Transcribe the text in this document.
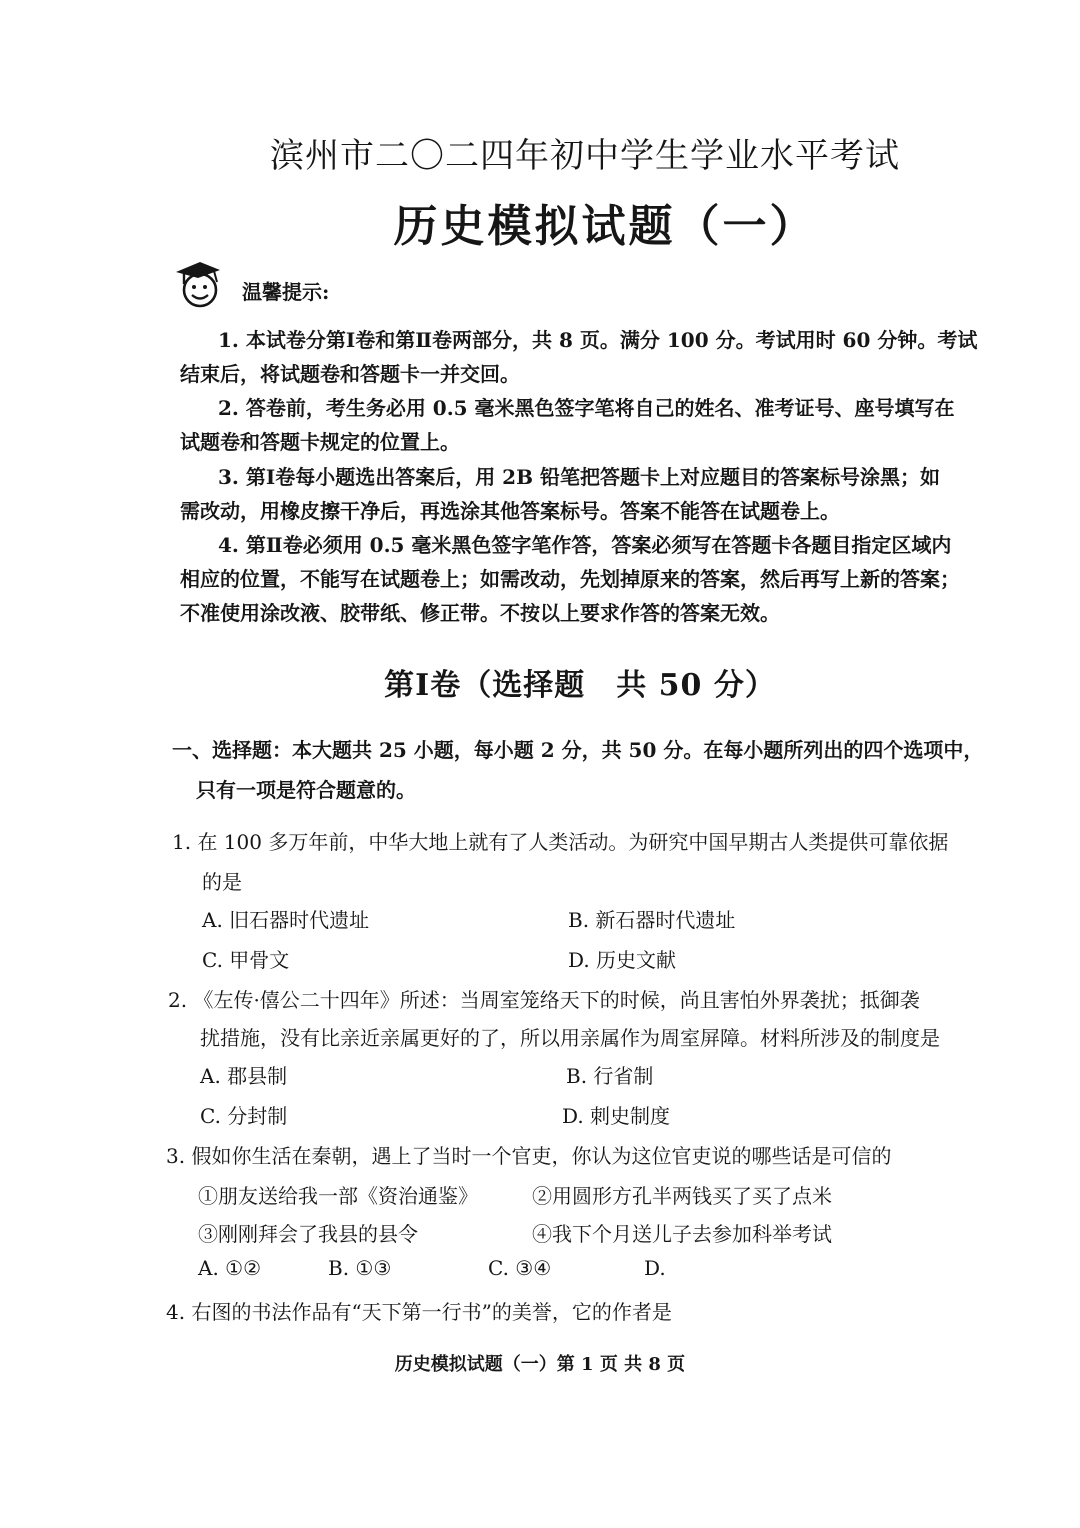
滨州市二〇二四年初中学生学业水平考试
历史模拟试题（一）
温馨提示:
1. 本试卷分第Ⅰ卷和第Ⅱ卷两部分，共 8 页。满分 100 分。考试用时 60 分钟。考试
结束后，将试题卷和答题卡一并交回。
2. 答卷前，考生务必用 0.5 毫米黑色签字笔将自己的姓名、准考证号、座号填写在
试题卷和答题卡规定的位置上。
3. 第Ⅰ卷每小题选出答案后，用 2B 铅笔把答题卡上对应题目的答案标号涂黑；如
需改动，用橡皮擦干净后，再选涂其他答案标号。答案不能答在试题卷上。
4. 第Ⅱ卷必须用 0.5 毫米黑色签字笔作答，答案必须写在答题卡各题目指定区域内
相应的位置，不能写在试题卷上；如需改动，先划掉原来的答案，然后再写上新的答案；
不准使用涂改液、胶带纸、修正带。不按以上要求作答的答案无效。
第Ⅰ卷（选择题　共 50 分）
一、选择题：本大题共 25 小题，每小题 2 分，共 50 分。在每小题所列出的四个选项中，
只有一项是符合题意的。
1. 在 100 多万年前，中华大地上就有了人类活动。为研究中国早期古人类提供可靠依据
的是
A. 旧石器时代遗址	B. 新石器时代遗址
C. 甲骨文	D. 历史文献
2. 《左传·僖公二十四年》所述：当周室笼络天下的时候，尚且害怕外界袭扰；抵御袭
扰措施，没有比亲近亲属更好的了，所以用亲属作为周室屏障。材料所涉及的制度是
A. 郡县制	B. 行省制
C. 分封制	D. 刺史制度
3. 假如你生活在秦朝，遇上了当时一个官吏，你认为这位官吏说的哪些话是可信的
①朋友送给我一部《资治通鉴》	②用圆形方孔半两钱买了买了点米
③刚刚拜会了我县的县令	④我下个月送儿子去参加科举考试
A. ①②	B. ①③	C. ③④	D.
4. 右图的书法作品有“天下第一行书”的美誉，它的作者是
历史模拟试题（一）第 1 页 共 8 页
